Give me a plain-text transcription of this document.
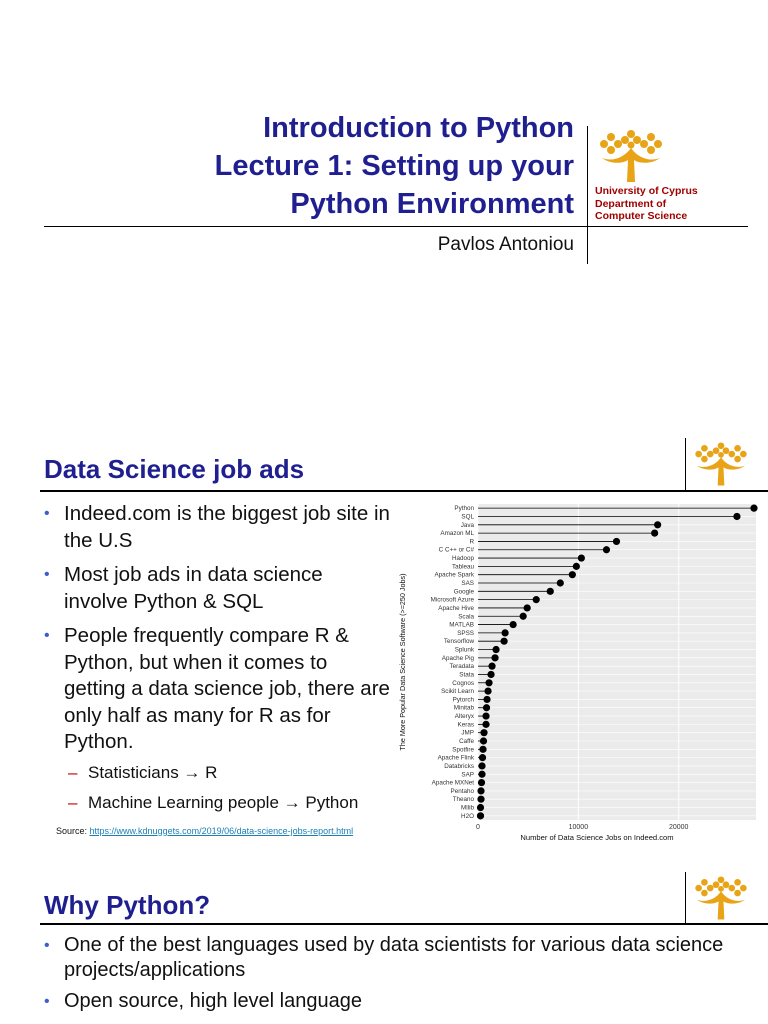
Introduction to Python
Lecture 1: Setting up your
Python Environment
Pavlos Antoniou
University of Cyprus
Department of
Computer Science
Data Science job ads
• Indeed.com is the biggest job site in the U.S
• Most job ads in data science involve Python & SQL
• People frequently compare R & Python, but when it comes to getting a data science job, there are only half as many for R as for Python.
– Statisticians → R
– Machine Learning people → Python
Python
SQL
Java
Amazon ML
R
C C++ or C#
Hadoop
Tableau
Apache Spark
SAS
Google
Microsoft Azure
Apache Hive
Scala
MATLAB
SPSS
Tensorflow
Splunk
Apache Pig
Teradata
Stata
Cognos
Scikit Learn
Pytorch
Minitab
Alteryx
Keras
JMP
Caffe
Spotfire
Apache Flink
Databricks
SAP
Apache MXNet
Pentaho
Theano
Mllib
H2O
0	10000	20000
Number of Data Science Jobs on Indeed.com
The More Popular Data Science Software (>=250 Jobs)
Source: https://www.kdnuggets.com/2019/06/data-science-jobs-report.html
Why Python?
• One of the best languages used by data scientists for various data science projects/applications
• Open source, high level language
